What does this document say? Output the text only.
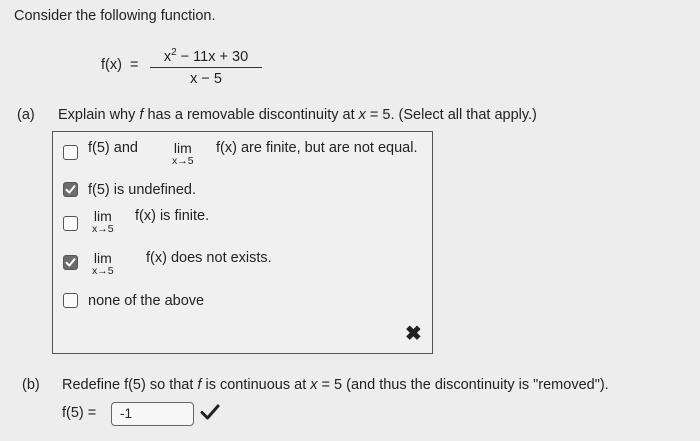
Consider the following function.
$f(x) = \frac{x^2 - 11x + 30}{x - 5}$
(a) Explain why f has a removable discontinuity at x = 5. (Select all that apply.)
f(5) and	lim
x→5
f(x) are finite, but are not equal.
f(5) is undefined.
lim
x→5
f(x) is finite.
lim
x→5
f(x) does not exists.
none of the above
✖
(b) Redefine f(5) so that f is continuous at x = 5 (and thus the discontinuity is "removed").
f(5) =	-1
